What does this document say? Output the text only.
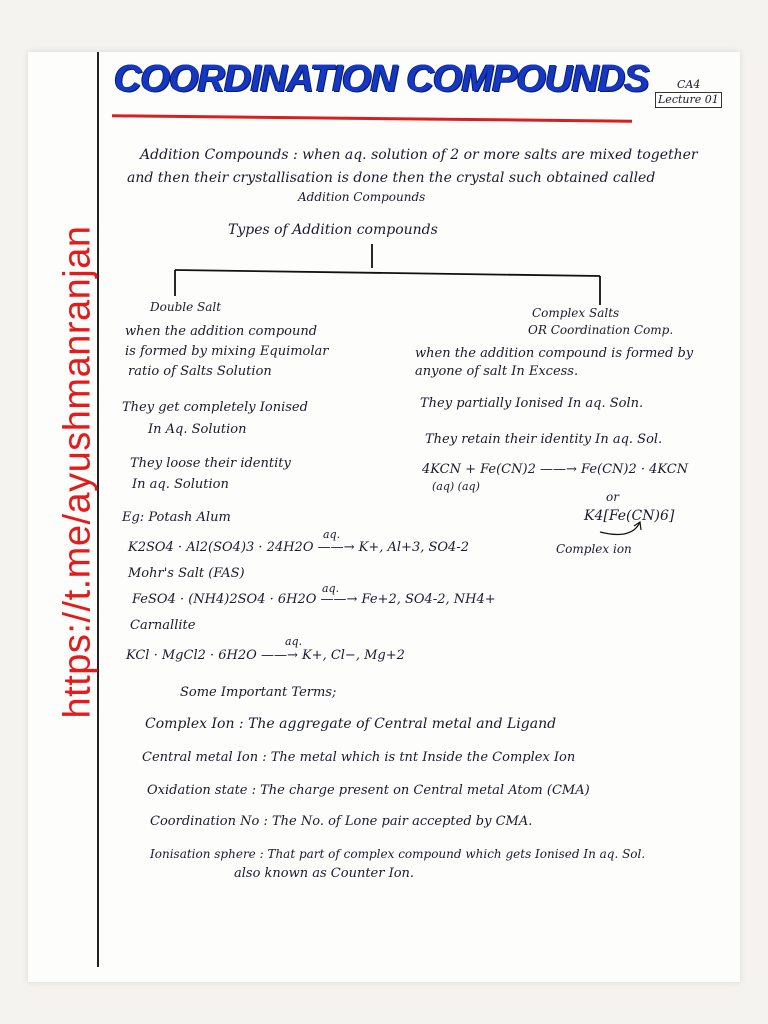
https://t.me/ayushmanranjan
COORDINATION COMPOUNDS	CA4
Lecture 01
Addition Compounds : when aq. solution of 2 or more salts are mixed together
and then their crystallisation is done then the crystal such obtained called
Addition Compounds
Types of Addition compounds
Double Salt
when the addition compound
is formed by mixing Equimolar
ratio of Salts Solution
They get completely Ionised
In Aq. Solution
They loose their identity
In aq. Solution
Complex Salts
OR Coordination Comp.
when the addition compound is formed by
anyone of salt In Excess.
They partially Ionised In aq. Soln.
They retain their identity In aq. Sol.
4KCN + Fe(CN)2 ——→ Fe(CN)2 · 4KCN
(aq) (aq)
or
K4[Fe(CN)6]
Complex ion
Eg: Potash Alum
aq.
K2SO4 · Al2(SO4)3 · 24H2O ——→ K+, Al+3, SO4-2
Mohr's Salt (FAS)
aq.
FeSO4 · (NH4)2SO4 · 6H2O ——→ Fe+2, SO4-2, NH4+
Carnallite
aq.
KCl · MgCl2 · 6H2O ——→ K+, Cl−, Mg+2
Some Important Terms;
Complex Ion : The aggregate of Central metal and Ligand
Central metal Ion : The metal which is tnt Inside the Complex Ion
Oxidation state : The charge present on Central metal Atom (CMA)
Coordination No : The No. of Lone pair accepted by CMA.
Ionisation sphere : That part of complex compound which gets Ionised In aq. Sol.
also known as Counter Ion.
